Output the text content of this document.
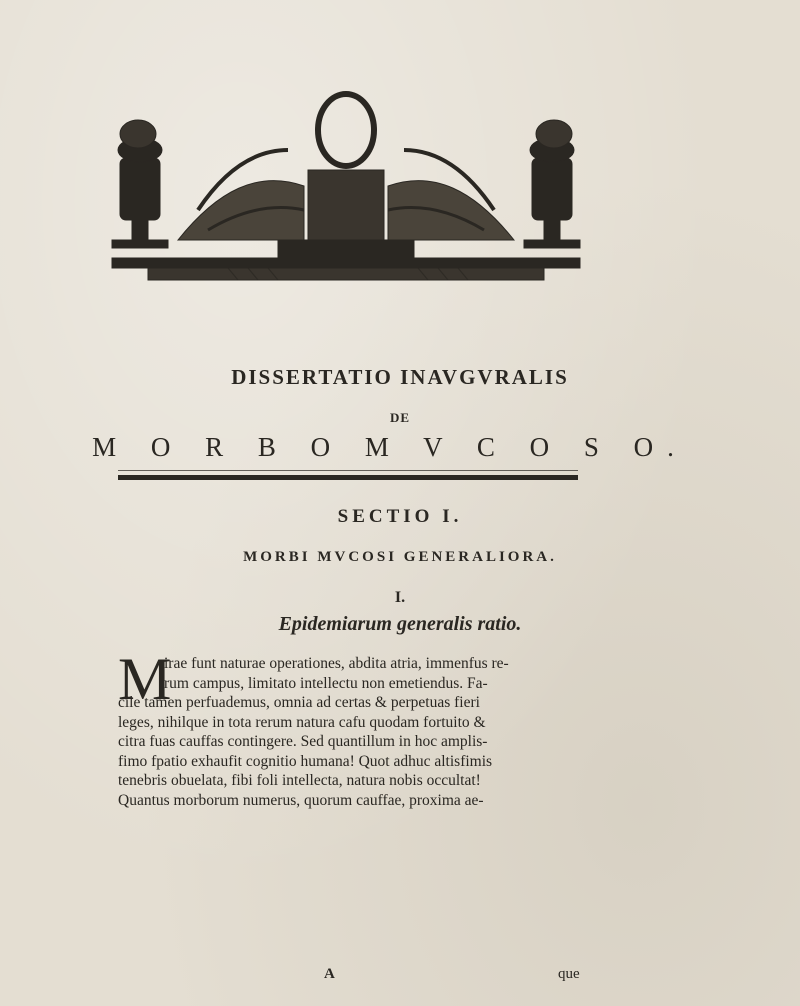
DISSERTATIO INAVGVRALIS
DE
M O R B O M V C O S O.
SECTIO I.
MORBI MVCOSI GENERALIORA.
I.
Epidemiarum generalis ratio.
M
irae funt naturae operationes, abdita atria, immenfus re-
rum campus, limitato intellectu non emetiendus. Fa-
cile tamen perfuademus, omnia ad certas & perpetuas fieri
leges, nihilque in tota rerum natura cafu quodam fortuito &
citra fuas cauffas contingere. Sed quantillum in hoc amplis-
fimo fpatio exhaufit cognitio humana! Quot adhuc altisfimis
tenebris obuelata, fibi foli intellecta, natura nobis occultat!
Quantus morborum numerus, quorum cauffae, proxima ae-
A	que
